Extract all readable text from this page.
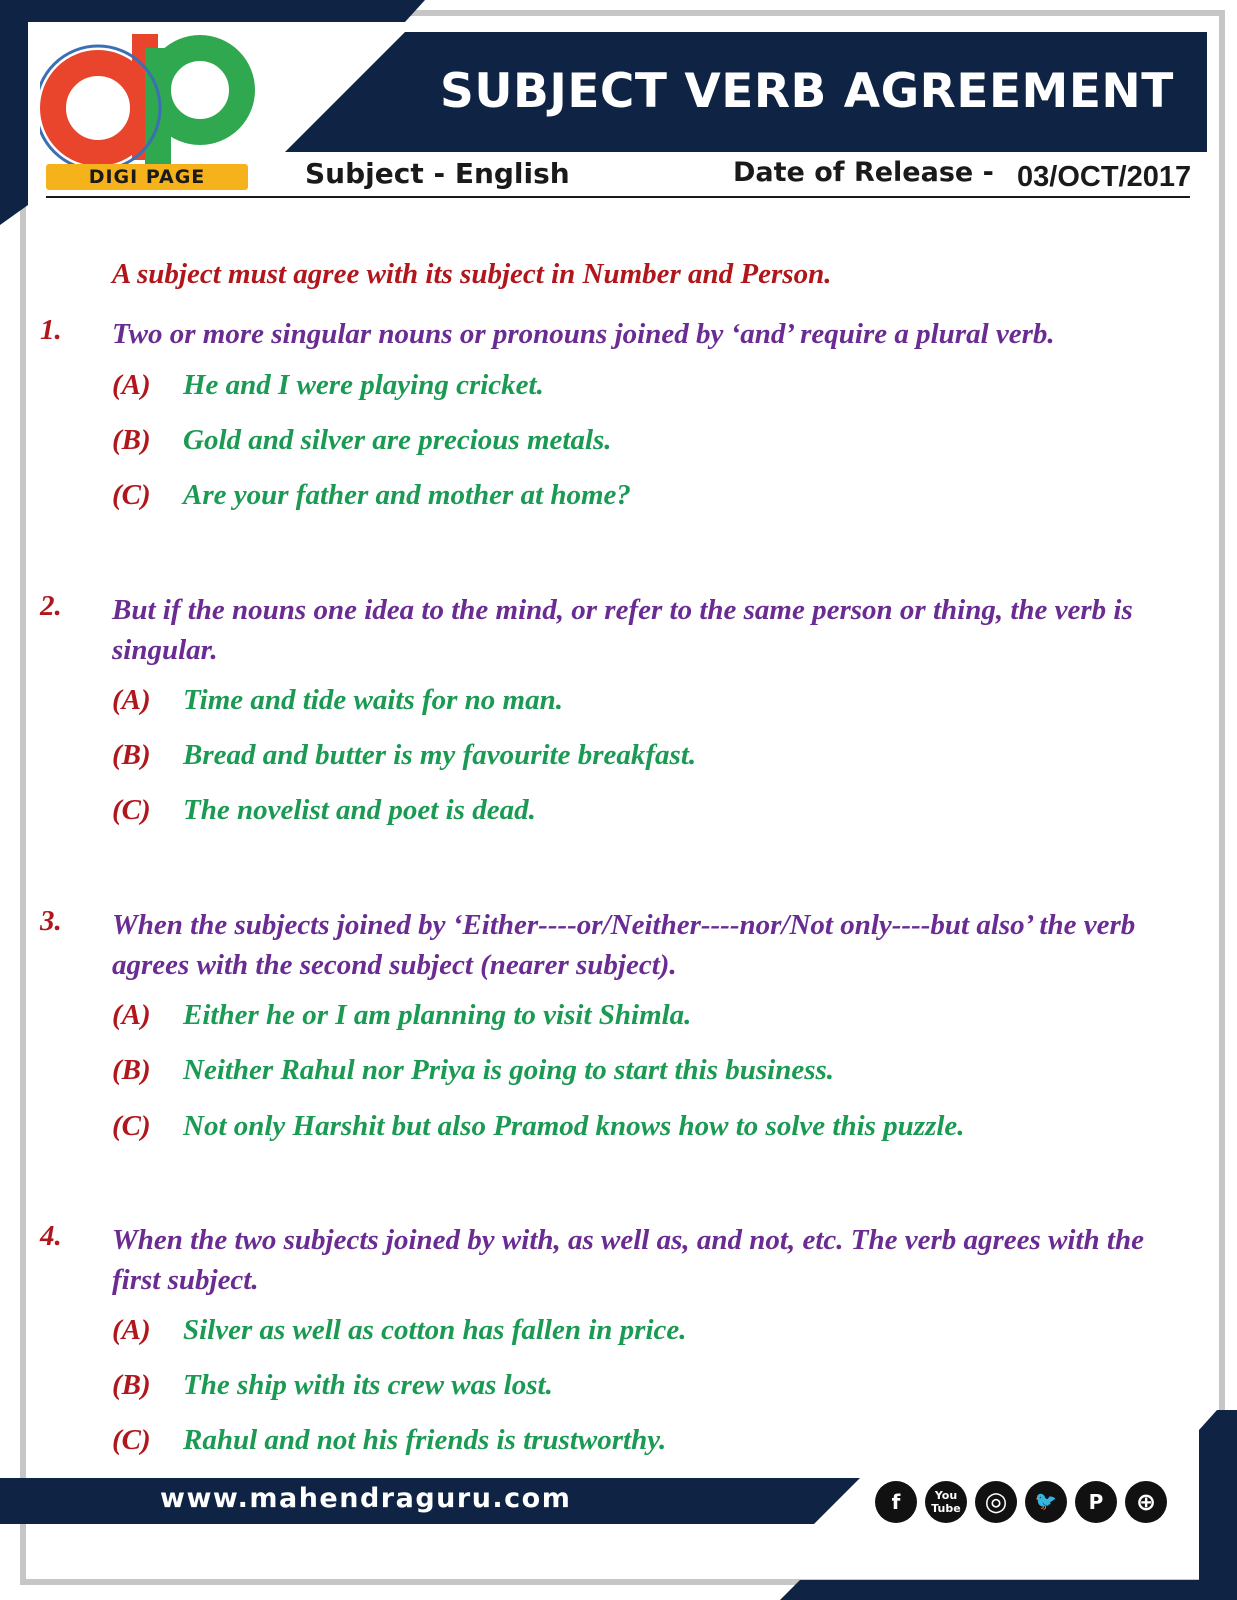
SUBJECT VERB AGREEMENT
DIGI PAGE	Subject - English	Date of Release - 03/OCT/2017
A subject must agree with its subject in Number and Person.
1. Two or more singular nouns or pronouns joined by ‘and’ require a plural verb.
(A) He and I were playing cricket.
(B) Gold and silver are precious metals.
(C) Are your father and mother at home?
2. But if the nouns one idea to the mind, or refer to the same person or thing, the verb is singular.
(A) Time and tide waits for no man.
(B) Bread and butter is my favourite breakfast.
(C) The novelist and poet is dead.
3. When the subjects joined by ‘Either----or/Neither----nor/Not only----but also’ the verb agrees with the second subject (nearer subject).
(A) Either he or I am planning to visit Shimla.
(B) Neither Rahul nor Priya is going to start this business.
(C) Not only Harshit but also Pramod knows how to solve this puzzle.
4. When the two subjects joined by with, as well as, and not, etc. The verb agrees with the first subject.
(A) Silver as well as cotton has fallen in price.
(B) The ship with its crew was lost.
(C) Rahul and not his friends is trustworthy.
www.mahendraguru.com	f	You Tube ◎	🐦	P	⊕
